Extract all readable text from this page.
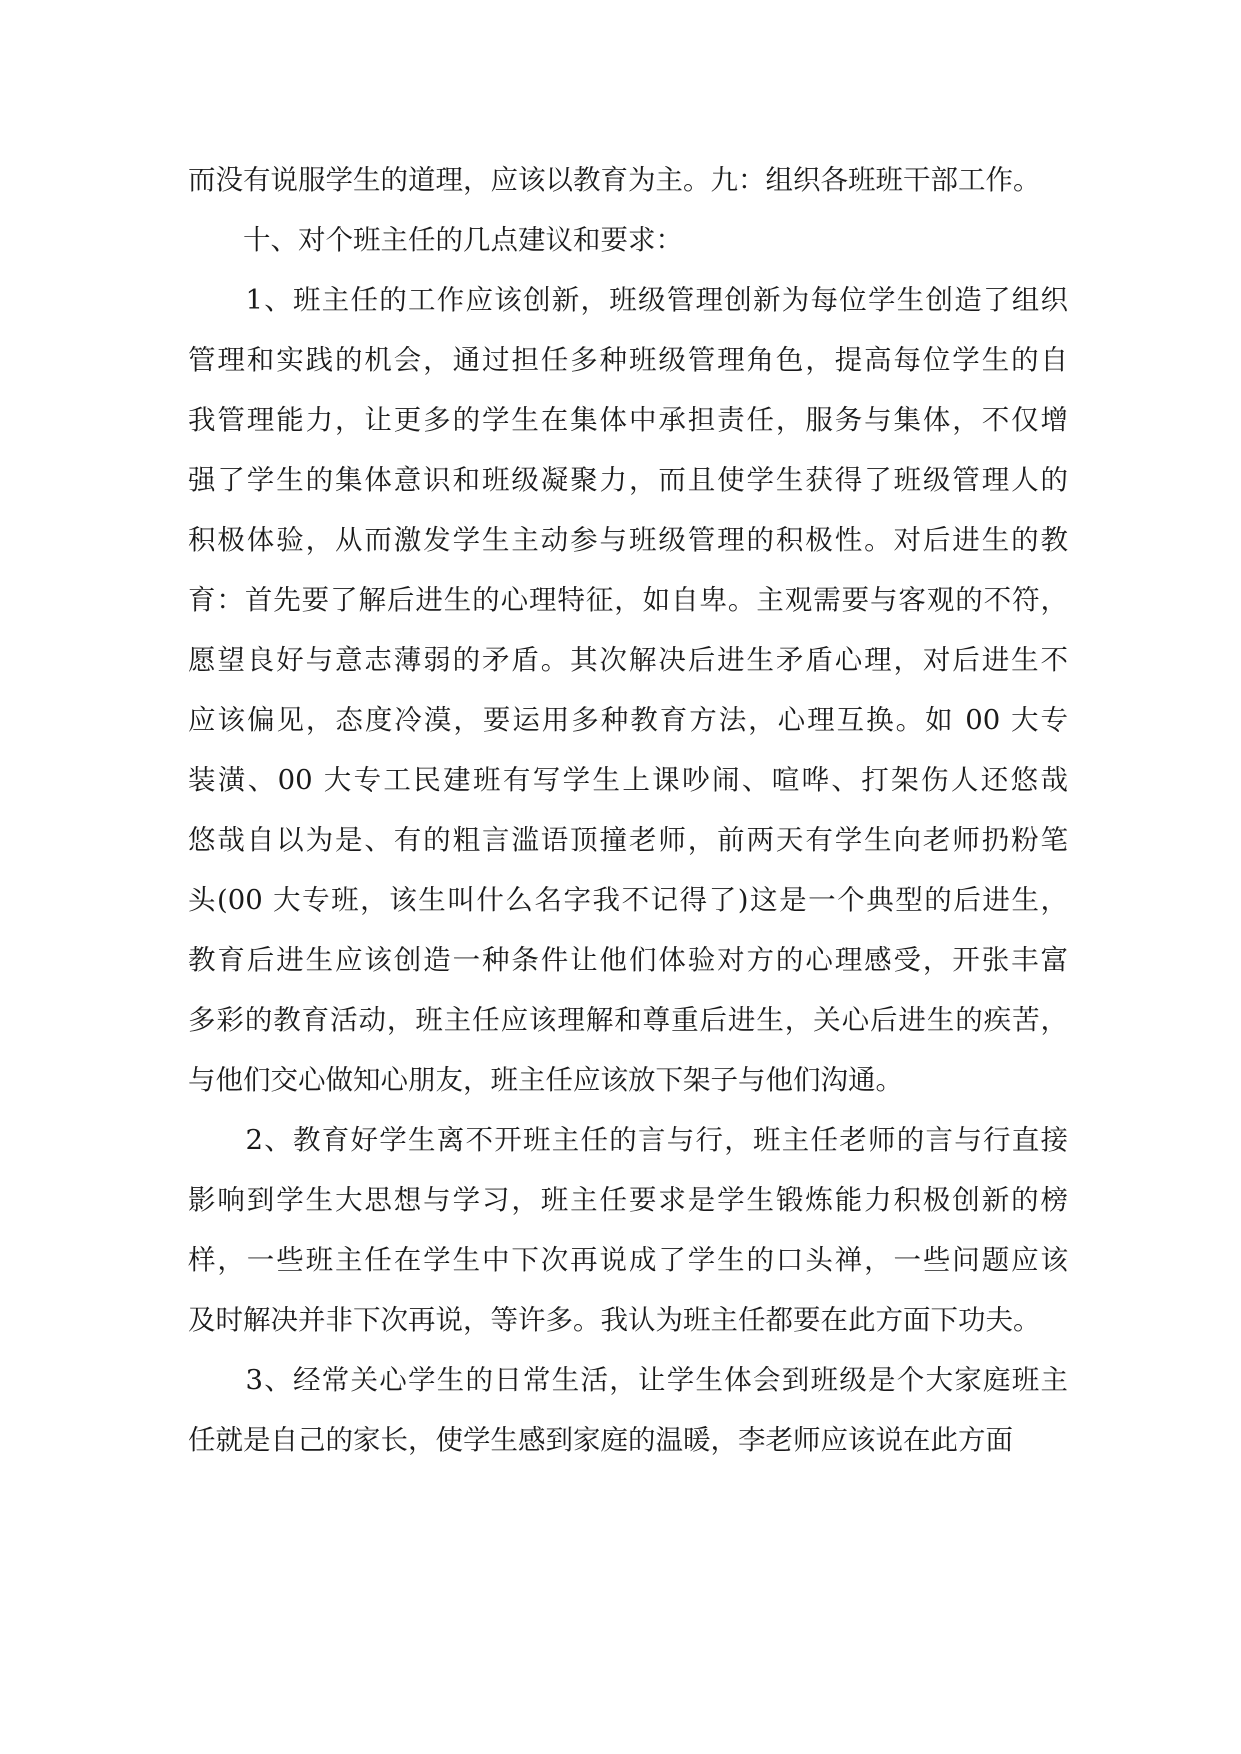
而没有说服学生的道理，应该以教育为主。九：组织各班班干部工作。
　　十、对个班主任的几点建议和要求：
　　1、班主任的工作应该创新，班级管理创新为每位学生创造了组织
管理和实践的机会，通过担任多种班级管理角色，提高每位学生的自
我管理能力，让更多的学生在集体中承担责任，服务与集体，不仅增
强了学生的集体意识和班级凝聚力，而且使学生获得了班级管理人的
积极体验，从而激发学生主动参与班级管理的积极性。对后进生的教
育：首先要了解后进生的心理特征，如自卑。主观需要与客观的不符，
愿望良好与意志薄弱的矛盾。其次解决后进生矛盾心理，对后进生不
应该偏见，态度冷漠，要运用多种教育方法，心理互换。如 00 大专
装潢、00 大专工民建班有写学生上课吵闹、喧哗、打架伤人还悠哉
悠哉自以为是、有的粗言滥语顶撞老师，前两天有学生向老师扔粉笔
头(00 大专班，该生叫什么名字我不记得了)这是一个典型的后进生，
教育后进生应该创造一种条件让他们体验对方的心理感受，开张丰富
多彩的教育活动，班主任应该理解和尊重后进生，关心后进生的疾苦，
与他们交心做知心朋友，班主任应该放下架子与他们沟通。
　　2、教育好学生离不开班主任的言与行，班主任老师的言与行直接
影响到学生大思想与学习，班主任要求是学生锻炼能力积极创新的榜
样，一些班主任在学生中下次再说成了学生的口头禅，一些问题应该
及时解决并非下次再说，等许多。我认为班主任都要在此方面下功夫。
　　3、经常关心学生的日常生活，让学生体会到班级是个大家庭班主
任就是自己的家长，使学生感到家庭的温暖，李老师应该说在此方面
